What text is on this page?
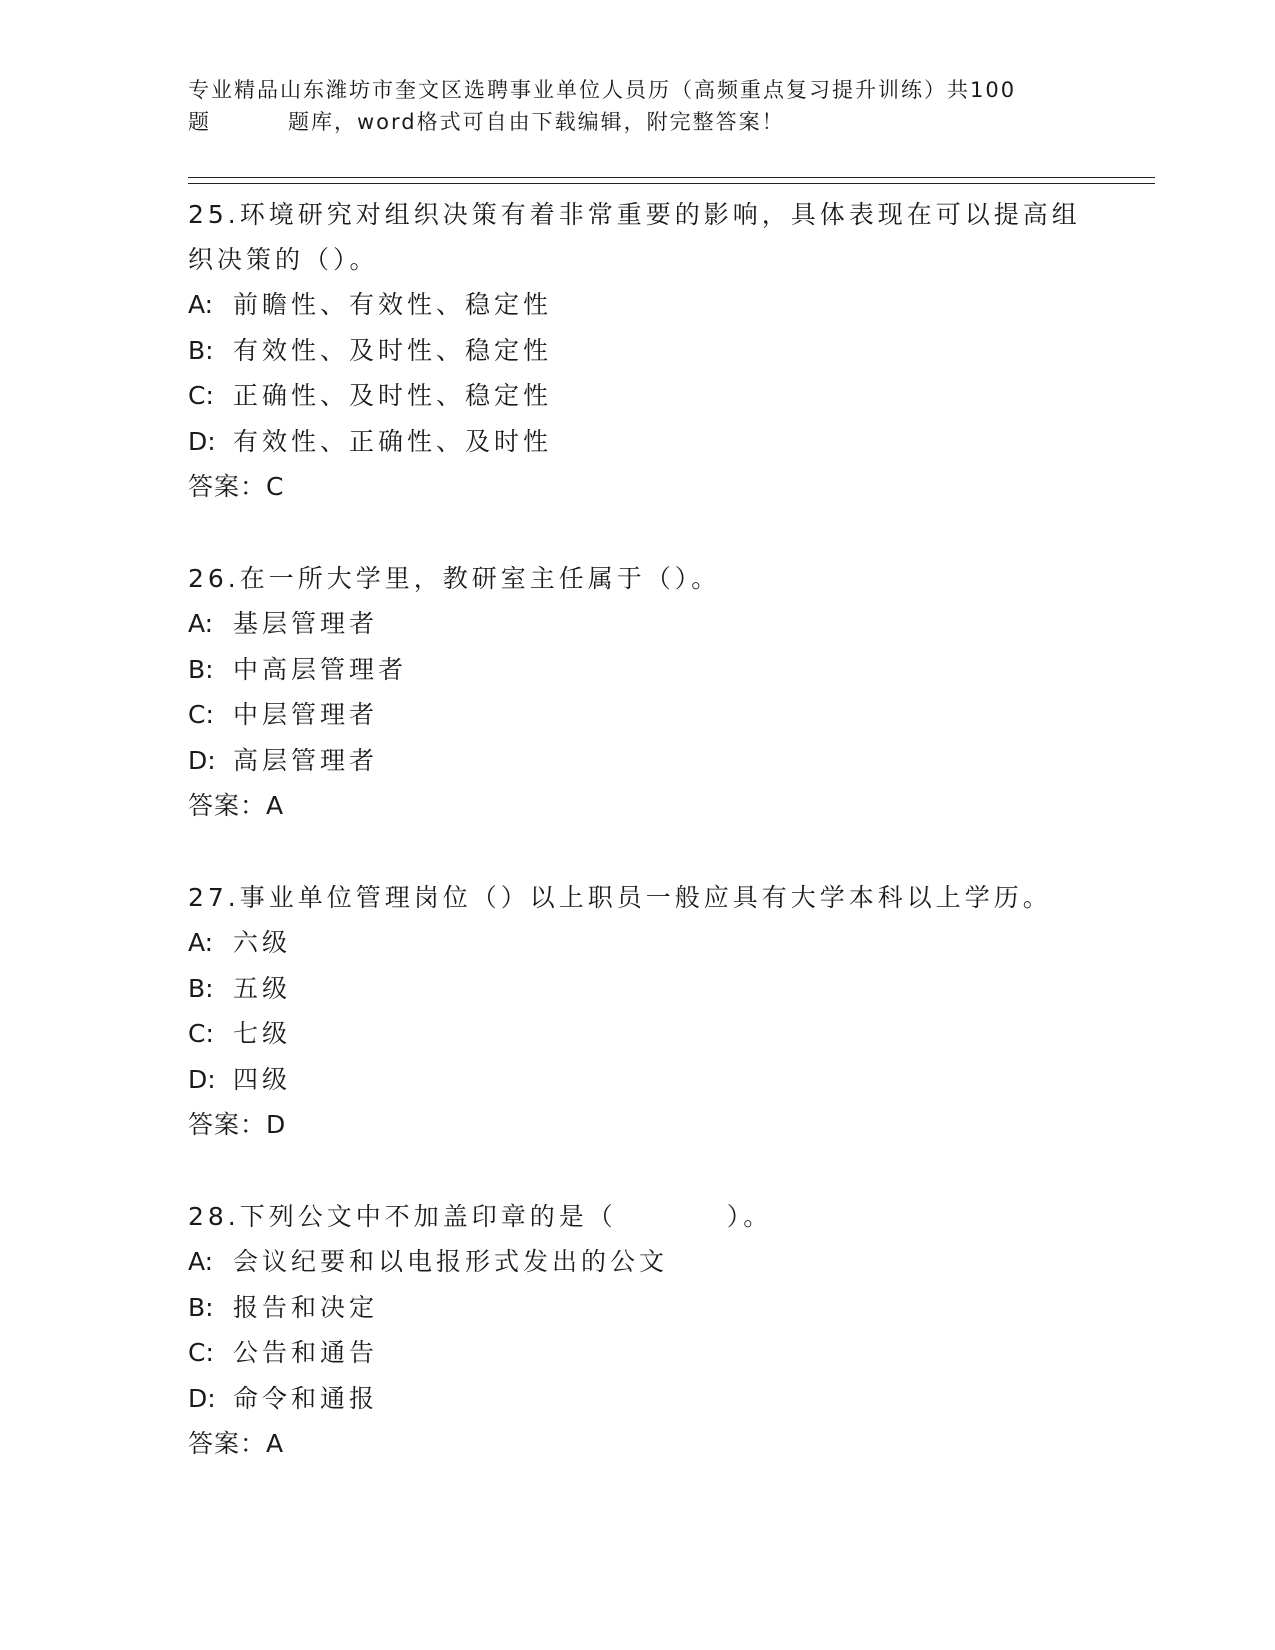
专业精品山东潍坊市奎文区选聘事业单位人员历（高频重点复习提升训练）共100
题	题库，word格式可自由下载编辑，附完整答案！

25.环境研究对组织决策有着非常重要的影响，具体表现在可以提高组

织决策的（）。

A: 前瞻性、有效性、稳定性
B: 有效性、及时性、稳定性
C: 正确性、及时性、稳定性
D: 有效性、正确性、及时性
答案：C

26.在一所大学里，教研室主任属于（）。

A: 基层管理者
B: 中高层管理者
C: 中层管理者
D: 高层管理者
答案：A

27.事业单位管理岗位（）以上职员一般应具有大学本科以上学历。

A: 六级
B: 五级
C: 七级
D: 四级
答案：D

28.下列公文中不加盖印章的是（	）。

A: 会议纪要和以电报形式发出的公文
B: 报告和决定
C: 公告和通告
D: 命令和通报
答案：A
